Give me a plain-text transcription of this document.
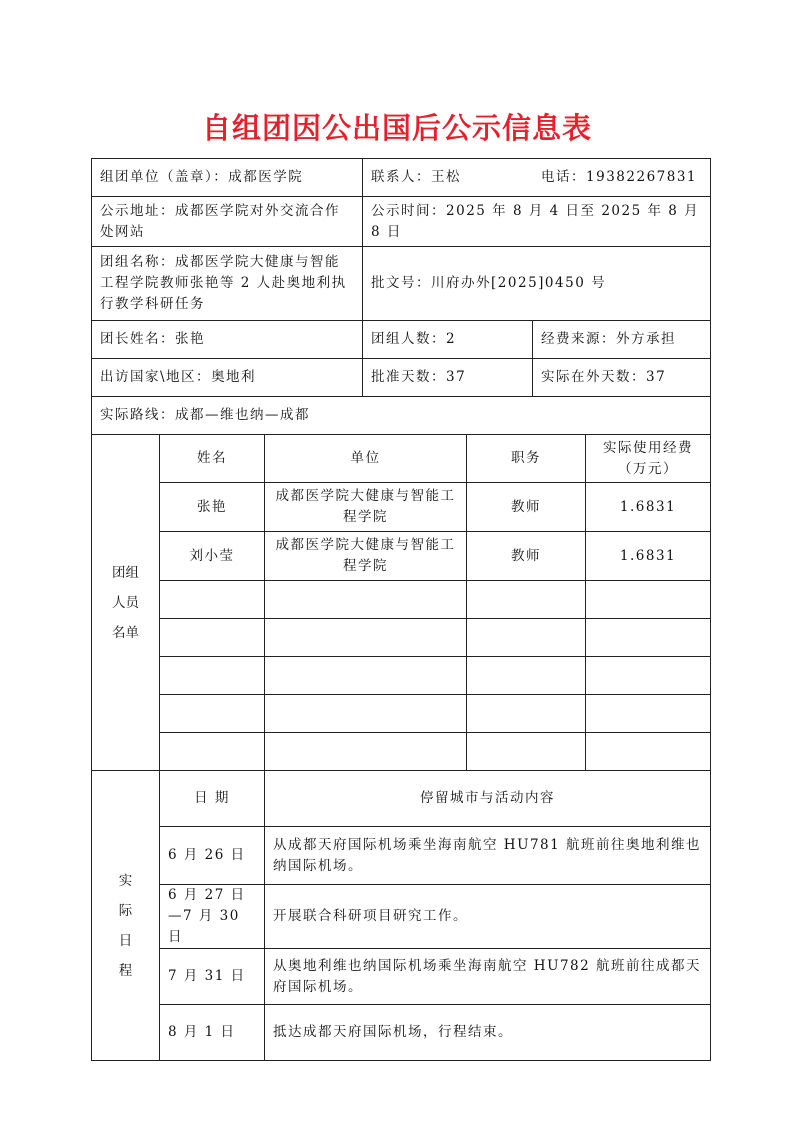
自组团因公出国后公示信息表
组团单位（盖章）：成都医学院		联系人：王松	电话：19382267831

公示地址：成都医学院对外交流合作处网站	公示时间：2025 年 8 月 4 日至 2025 年 8 月 8 日
团组名称：成都医学院大健康与智能工程学院教师张艳等 2 人赴奥地利执行教学科研任务	批文号：川府办外[2025]0450 号
团长姓名：张艳	团组人数：2	经费来源：外方承担
出访国家\地区：奥地利	批准天数：37	实际在外天数：37
实际路线：成都—维也纳—成都

团组
人员
名单
	姓名	单位	职务	实际使用经费（万元）
张艳	成都医学院大健康与智能工程学院	教师	1.6831
刘小莹	成都医学院大健康与智能工程学院	教师	1.6831

实
际
日
程
	日 期	停留城市与活动内容
6 月 26 日	从成都天府国际机场乘坐海南航空 HU781 航班前往奥地利维也纳国际机场。
6 月 27 日—7 月 30 日	开展联合科研项目研究工作。
7 月 31 日	从奥地利维也纳国际机场乘坐海南航空 HU782 航班前往成都天府国际机场。
8 月 1 日	抵达成都天府国际机场，行程结束。
